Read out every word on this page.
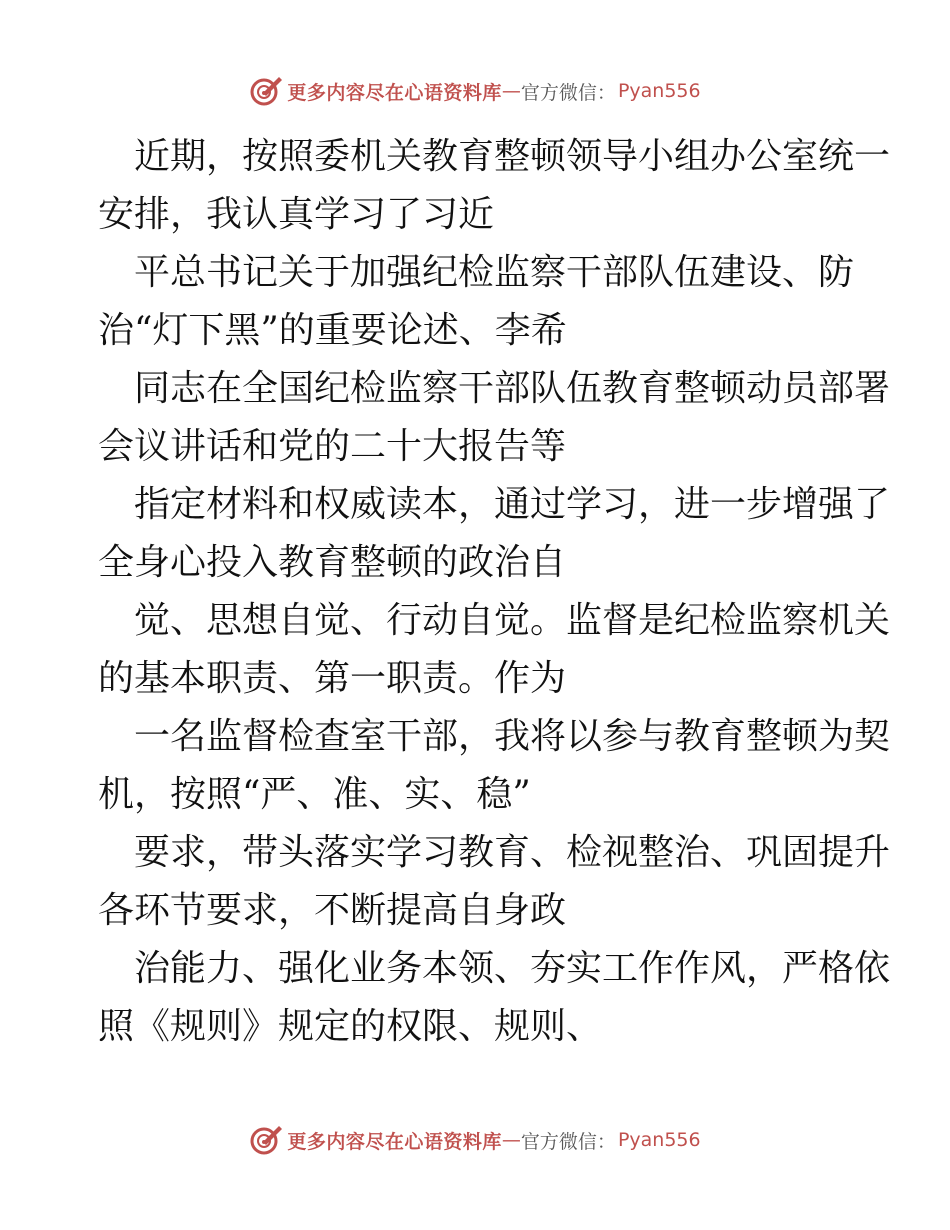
更多内容尽在心语资料库 — 官方微信： Pyan556
近期，按照委机关教育整顿领导小组办公室统一
安排，我认真学习了习近
平总书记关于加强纪检监察干部队伍建设、防
治“灯下黑”的重要论述、李希
同志在全国纪检监察干部队伍教育整顿动员部署
会议讲话和党的二十大报告等
指定材料和权威读本，通过学习，进一步增强了
全身心投入教育整顿的政治自
觉、思想自觉、行动自觉。监督是纪检监察机关
的基本职责、第一职责。作为
一名监督检查室干部，我将以参与教育整顿为契
机，按照“严、准、实、稳”
要求，带头落实学习教育、检视整治、巩固提升
各环节要求，不断提高自身政
治能力、强化业务本领、夯实工作作风，严格依
照《规则》规定的权限、规则、
更多内容尽在心语资料库 — 官方微信： Pyan556
